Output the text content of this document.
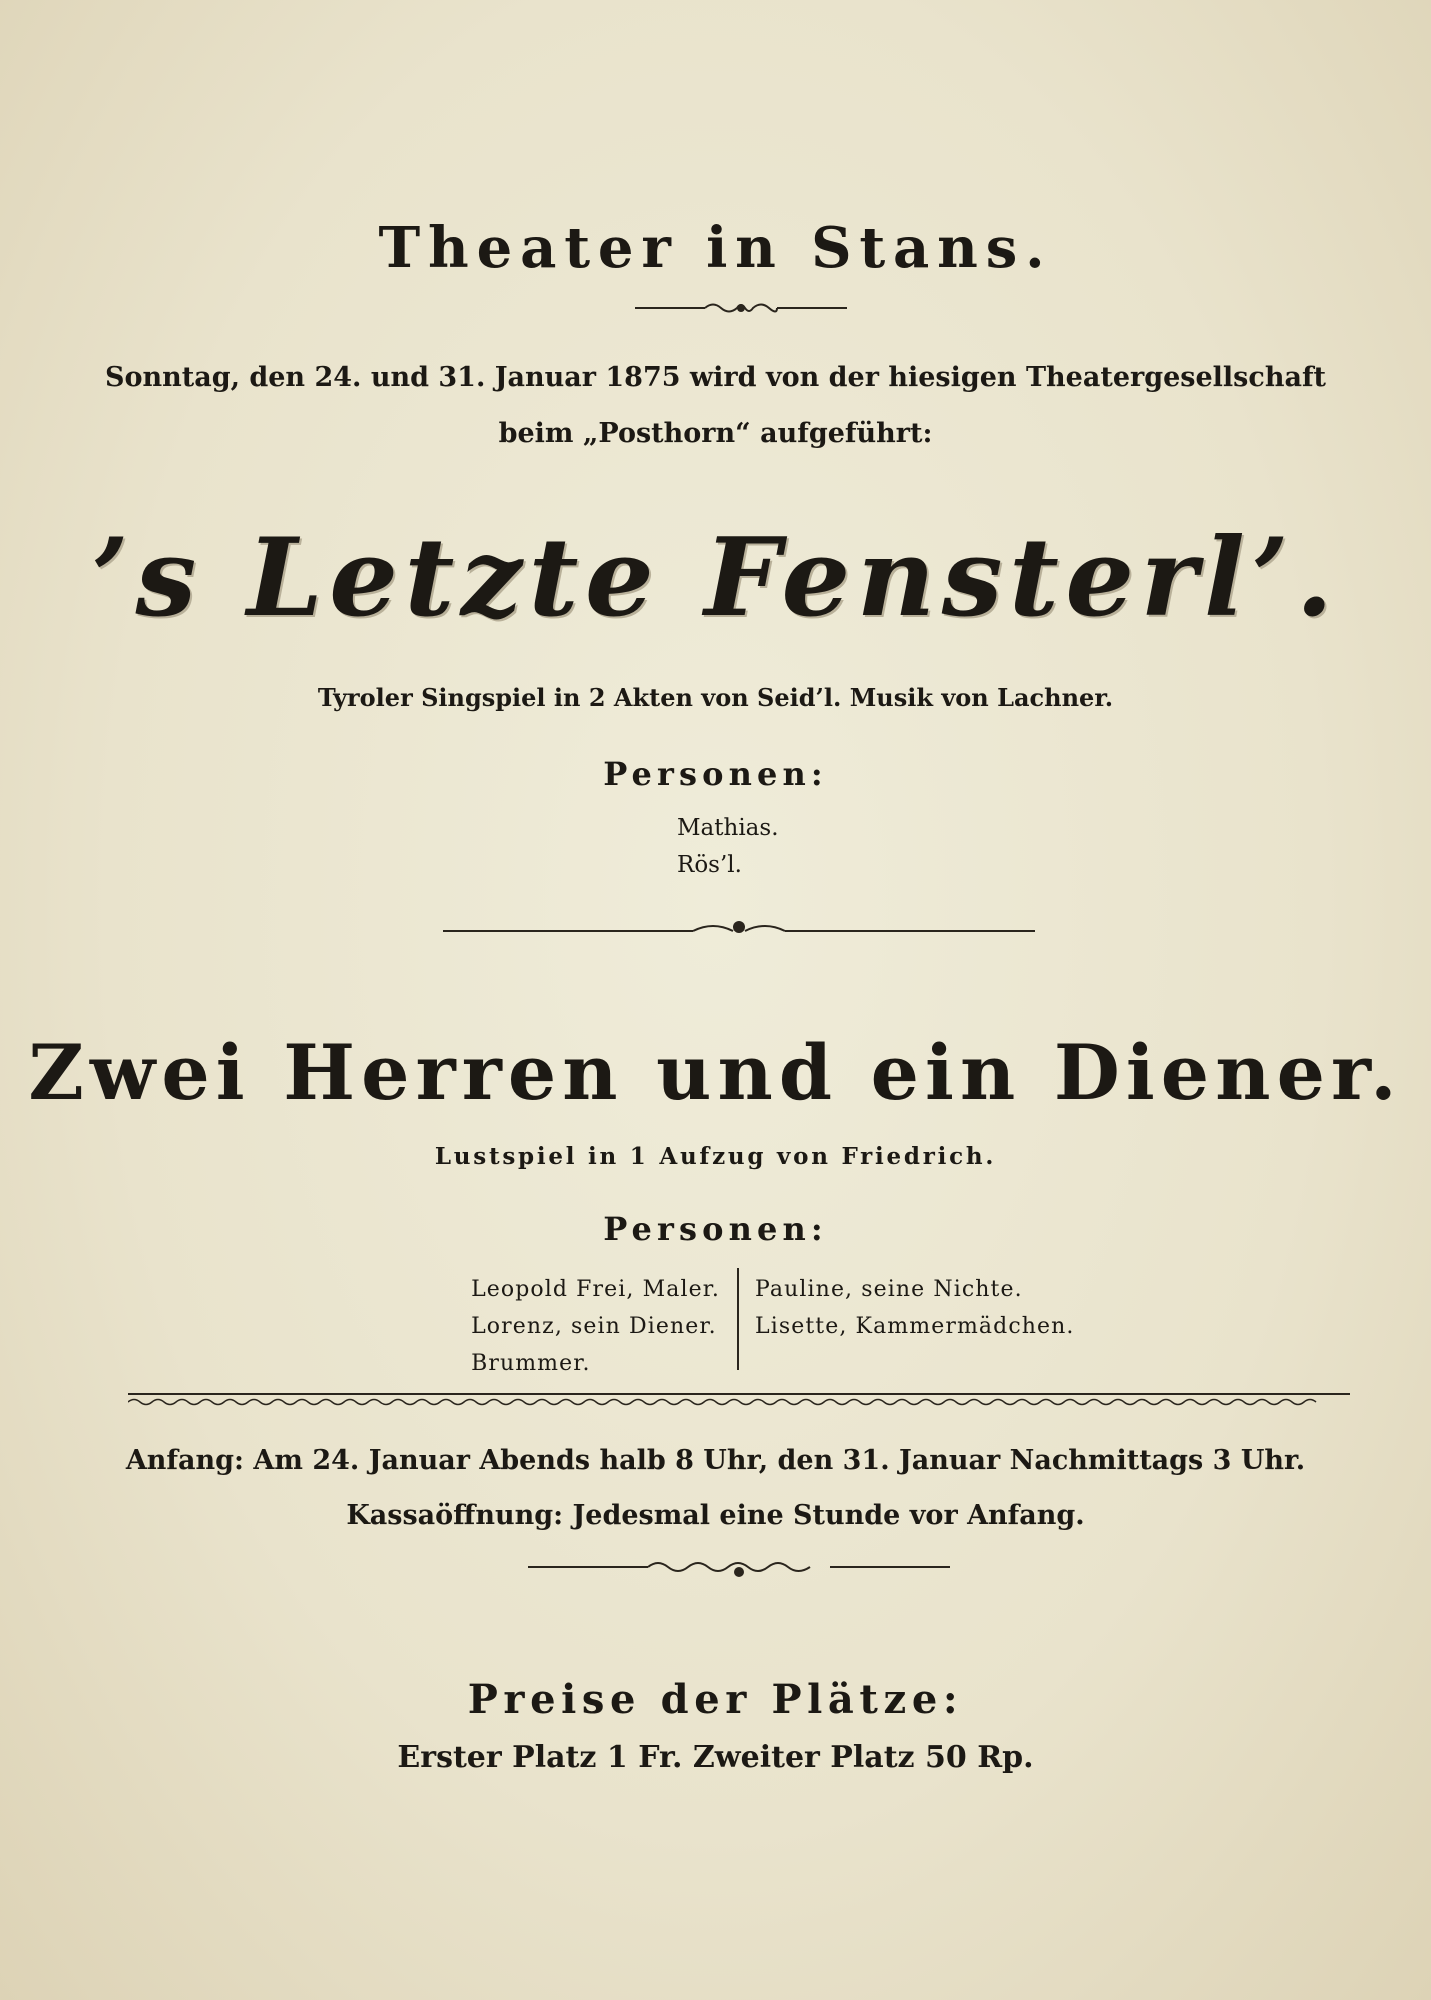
Theater in Stans.
Sonntag, den 24. und 31. Januar 1875 wird von der hiesigen Theatergesellschaft
beim „Posthorn“ aufgeführt:
’s Letzte Fensterl’.
Tyroler Singspiel in 2 Akten von Seid’l. Musik von Lachner.
Personen:
Mathias.
Rös’l.
Zwei Herren und ein Diener.
Lustspiel in 1 Aufzug von Friedrich.
Personen:
Leopold Frei, Maler.
Lorenz, sein Diener.
Brummer.
Pauline, seine Nichte.
Lisette, Kammermädchen.
Anfang: Am 24. Januar Abends halb 8 Uhr, den 31. Januar Nachmittags 3 Uhr.
Kassaöffnung: Jedesmal eine Stunde vor Anfang.
Preise der Plätze:
Erster Platz 1 Fr. Zweiter Platz 50 Rp.
